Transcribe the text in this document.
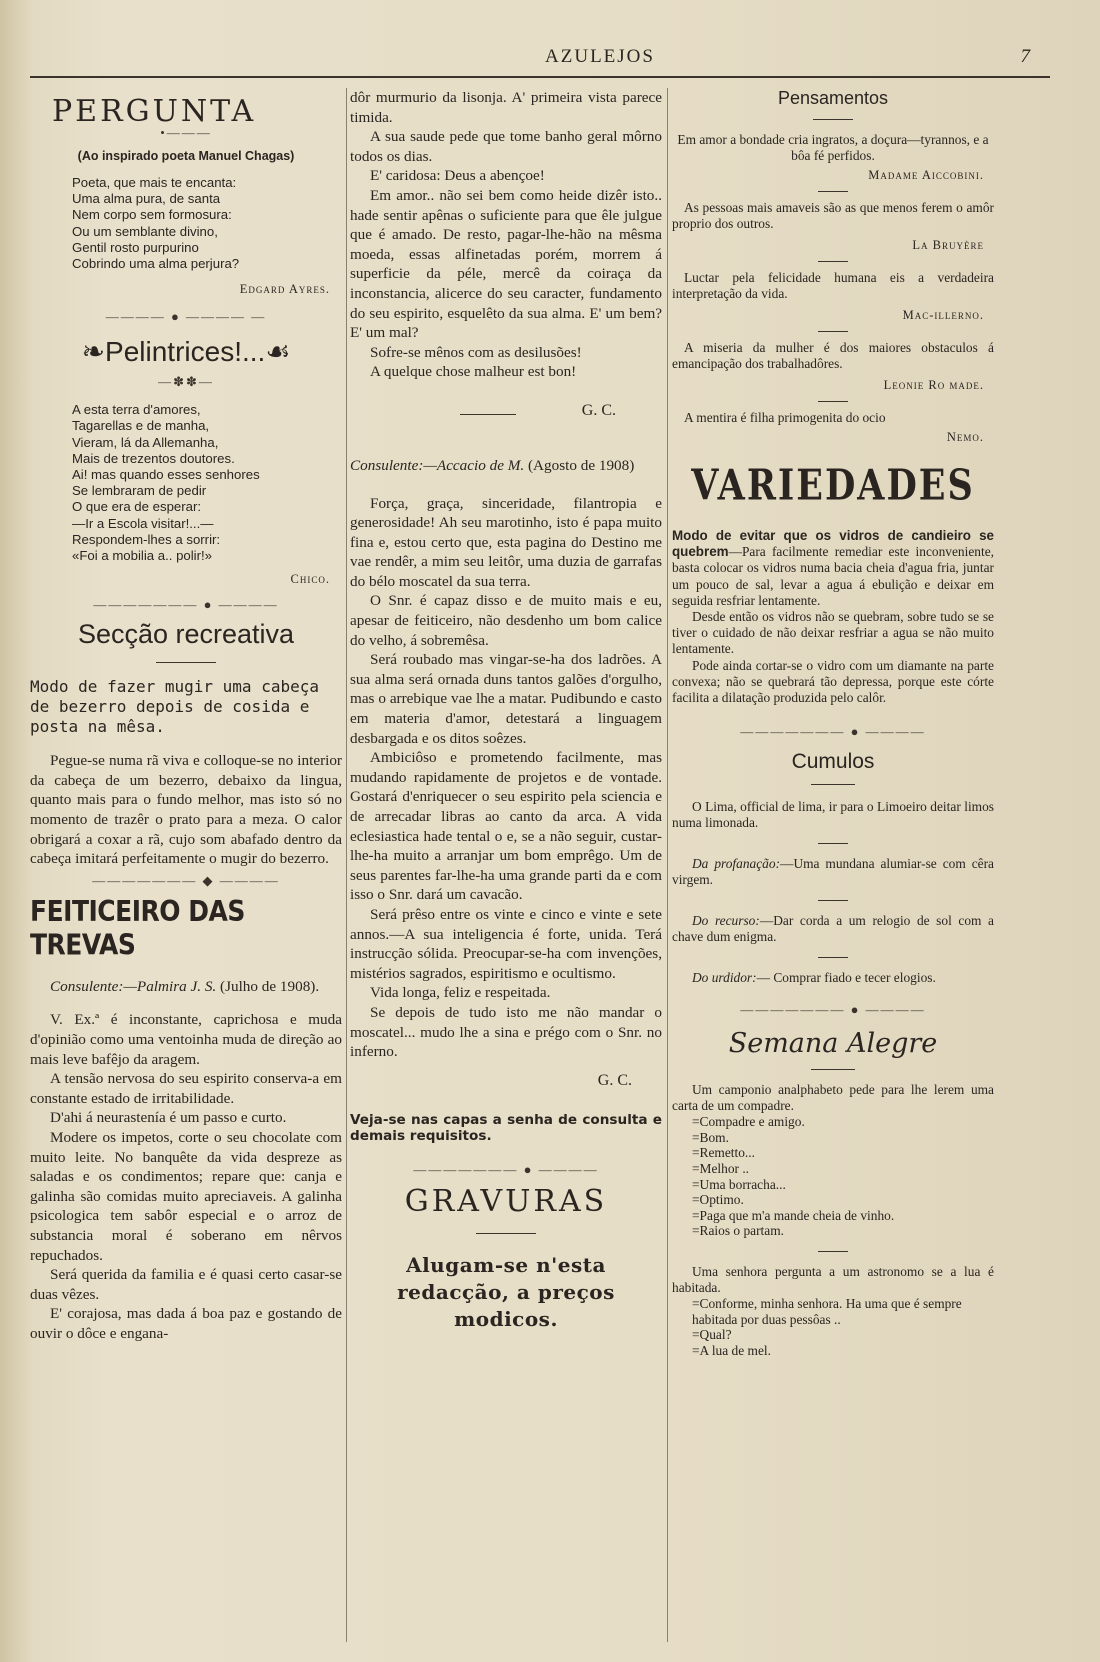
AZULEJOS	7
PERGUNTA
•———
(Ao inspirado poeta Manuel Chagas)
Poeta, que mais te encanta:
Uma alma pura, de santa
Nem corpo sem formosura:
Ou um semblante divino,
Gentil rosto purpurino
Cobrindo uma alma perjura?
Edgard Ayres.
———— ● ———— —
❧Pelintrices!...☙
—✽✽—
A esta terra d'amores,
Tagarellas e de manha,
Vieram, lá da Allemanha,
Mais de trezentos doutores.
Ai! mas quando esses senhores
Se lembraram de pedir
O que era de esperar:
—Ir a Escola visitar!...—
Respondem-lhes a sorrir:
«Foi a mobilia a.. polir!»
Chico.
——————— ● ————
Secção recreativa
Modo de fazer mugir uma cabeça de bezerro depois de cosida e posta na mêsa.

Pegue-se numa rã viva e colloque-se no interior da cabeça de um bezerro, debaixo da lingua, quanto mais para o fundo melhor, mas isto só no momento de trazêr o prato para a meza. O calor obrigará a coxar a rã, cujo som abafado dentro da cabeça imitará perfeitamente o mugir do bezerro.

——————— ◆ ————
FEITICEIRO DAS TREVAS

Consulente:—Palmira J. S. (Julho de 1908).

V. Ex.ª é inconstante, caprichosa e muda d'opinião como uma ventoinha muda de direção ao mais leve bafêjo da aragem.

A tensão nervosa do seu espirito conserva-a em constante estado de irritabilidade.

D'ahi á neurastenía é um passo e curto.

Modere os impetos, corte o seu chocolate com muito leite. No banquête da vida despreze as saladas e os condimentos; repare que: canja e galinha são comidas muito apreciaveis. A galinha psicologica tem sabôr especial e o arroz de substancia moral é soberano em nêrvos repuchados.

Será querida da familia e é quasi certo casar-se duas vêzes.

E' corajosa, mas dada á boa paz e gostando de ouvir o dôce e engana-

dôr murmurio da lisonja. A' primeira vista parece timida.

A sua saude pede que tome banho geral môrno todos os dias.

E' caridosa: Deus a abençoe!

Em amor.. não sei bem como heide dizêr isto.. hade sentir apênas o suficiente para que êle julgue que é amado. De resto, pagar-lhe-hão na mêsma moeda, essas alfinetadas porém, morrem á superficie da péle, mercê da coiraça da inconstancia, alicerce do seu caracter, fundamento do seu espirito, esquelêto da sua alma. E' um bem? E' um mal?

Sofre-se mênos com as desilusões!

A quelque chose malheur est bon!

G. C.

Consulente:—Accacio de M. (Agosto de 1908)

Força, graça, sinceridade, filantropia e generosidade! Ah seu marotinho, isto é papa muito fina e, estou certo que, esta pagina do Destino me vae rendêr, a mim seu leitôr, uma duzia de garrafas do bélo moscatel da sua terra.

O Snr. é capaz disso e de muito mais e eu, apesar de feiticeiro, não desdenho um bom calice do velho, á sobremêsa.

Será roubado mas vingar-se-ha dos ladrões. A sua alma será ornada duns tantos galões d'orgulho, mas o arrebique vae lhe a matar. Pudibundo e casto em materia d'amor, detestará a linguagem desbargada e os ditos soêzes.

Ambiciôso e prometendo facilmente, mas mudando rapidamente de projetos e de vontade. Gostará d'enriquecer o seu espirito pela sciencia e de arrecadar libras ao canto da arca. A vida eclesiastica hade tental o e, se a não seguir, custar-lhe-ha muito a arranjar um bom emprêgo. Um de seus parentes far-lhe-ha uma grande parti da e com isso o Snr. dará um cavacão.

Será prêso entre os vinte e cinco e vinte e sete annos.—A sua inteligencia é forte, unida. Terá instrucção sólida. Preocupar-se-ha com invenções, mistérios sagrados, espiritismo e ocultismo.

Vida longa, feliz e respeitada.

Se depois de tudo isto me não mandar o moscatel... mudo lhe a sina e prégo com o Snr. no inferno.

G. C.
Veja-se nas capas a senha de consulta e demais requisitos.
——————— ● ————
GRAVURAS
Alugam-se n'esta redacção, a preços modicos.
Pensamentos
Em amor a bondade cria ingratos, a doçura—tyrannos, e a bôa fé perfidos.
Madame Aiccobini.
As pessoas mais amaveis são as que menos ferem o amôr proprio dos outros.
La Bruyère
Luctar pela felicidade humana eis a verdadeira interpretação da vida.
Mac-illerno.
A miseria da mulher é dos maiores obstaculos á emancipação dos trabalhadôres.
Leonie Ro made.
A mentira é filha primogenita do ocio
Nemo.
VARIEDADES

Modo de evitar que os vidros de candieiro se quebrem—Para facilmente remediar este inconveniente, basta colocar os vidros numa bacia cheia d'agua fria, juntar um pouco de sal, levar a agua á ebulição e deixar em seguida resfriar lentamente.

Desde então os vidros não se quebram, sobre tudo se se tiver o cuidado de não deixar resfriar a agua se não muito lentamente.

Pode ainda cortar-se o vidro com um diamante na parte convexa; não se quebrará tão depressa, porque este córte facilita a dilatação produzida pelo calôr.

——————— ● ————
Cumulos

O Lima, official de lima, ir para o Limoeiro deitar limos numa limonada.

Da profanação:—Uma mundana alumiar-se com cêra virgem.

Do recurso:—Dar corda a um relogio de sol com a chave dum enigma.

Do urdidor:— Comprar fiado e tecer elogios.

——————— ● ————
Semana Alegre

Um camponio analphabeto pede para lhe lerem uma carta de um compadre.

=Compadre e amigo.
=Bom.
=Remetto...
=Melhor ..
=Uma borracha...
=Optimo.
=Paga que m'a mande cheia de vinho.
=Raios o partam.

Uma senhora pergunta a um astronomo se a lua é habitada.

=Conforme, minha senhora. Ha uma que é sempre habitada por duas pessôas ..
=Qual?
=A lua de mel.
